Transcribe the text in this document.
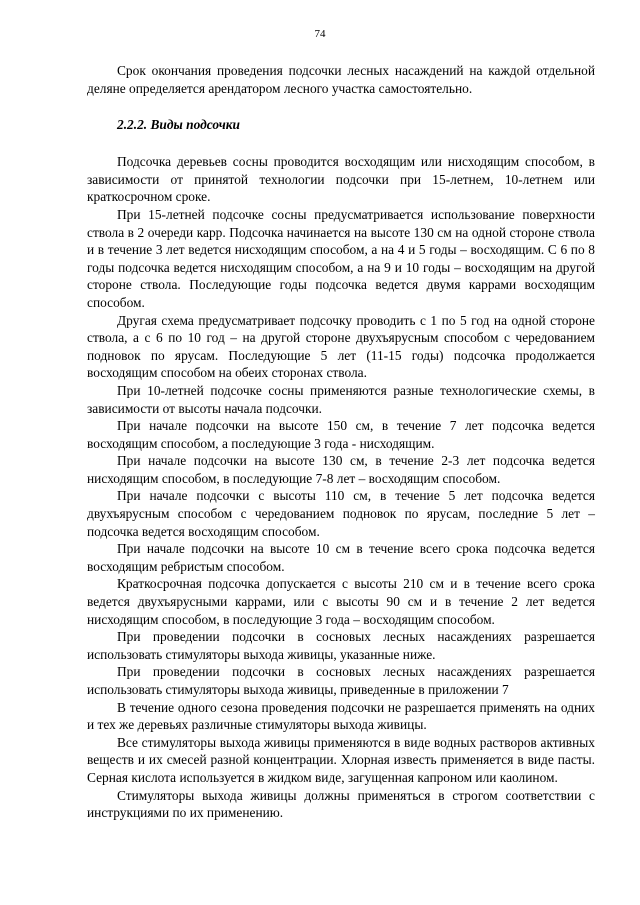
74

Срок окончания проведения подсочки лесных насаждений на каждой отдельной деляне определяется арендатором лесного участка самостоятельно.

2.2.2. Виды подсочки

Подсочка деревьев сосны проводится восходящим или нисходящим способом, в зависимости от принятой технологии подсочки при 15-летнем, 10-летнем или краткосрочном сроке.

При 15-летней подсочке сосны предусматривается использование поверхности ствола в 2 очереди карр. Подсочка начинается на высоте 130 см на одной стороне ствола и в течение 3 лет ведется нисходящим способом, а на 4 и 5 годы – восходящим. С 6 по 8 годы подсочка ведется нисходящим способом, а на 9 и 10 годы – восходящим на другой стороне ствола. Последующие годы подсочка ведется двумя каррами восходящим способом.

Другая схема предусматривает подсочку проводить с 1 по 5 год на одной стороне ствола, а с 6 по 10 год – на другой стороне двухъярусным способом с чередованием подновок по ярусам. Последующие 5 лет (11-15 годы) подсочка продолжается восходящим способом на обеих сторонах ствола.

При 10-летней подсочке сосны применяются разные технологические схемы, в зависимости от высоты начала подсочки.

При начале подсочки на высоте 150 см, в течение 7 лет подсочка ведется восходящим способом, а последующие 3 года - нисходящим.

При начале подсочки на высоте 130 см, в течение 2-3 лет подсочка ведется нисходящим способом, в последующие 7-8 лет – восходящим способом.

При начале подсочки с высоты 110 см, в течение 5 лет подсочка ведется двухъярусным способом с чередованием подновок по ярусам, последние 5 лет – подсочка ведется восходящим способом.

При начале подсочки на высоте 10 см в течение всего срока подсочка ведется восходящим ребристым способом.

Краткосрочная подсочка допускается с высоты 210 см и в течение всего срока ведется двухъярусными каррами, или с высоты 90 см и в течение 2 лет ведется нисходящим способом, в последующие 3 года – восходящим способом.

При проведении подсочки в сосновых лесных насаждениях разрешается использовать стимуляторы выхода живицы, указанные ниже.

При проведении подсочки в сосновых лесных насаждениях разрешается использовать стимуляторы выхода живицы, приведенные в приложении 7

В течение одного сезона проведения подсочки не разрешается применять на одних и тех же деревьях различные стимуляторы выхода живицы.

Все стимуляторы выхода живицы применяются в виде водных растворов активных веществ и их смесей разной концентрации. Хлорная известь применяется в виде пасты. Серная кислота используется в жидком виде, загущенная капроном или каолином.

Стимуляторы выхода живицы должны применяться в строгом соответствии с инструкциями по их применению.
